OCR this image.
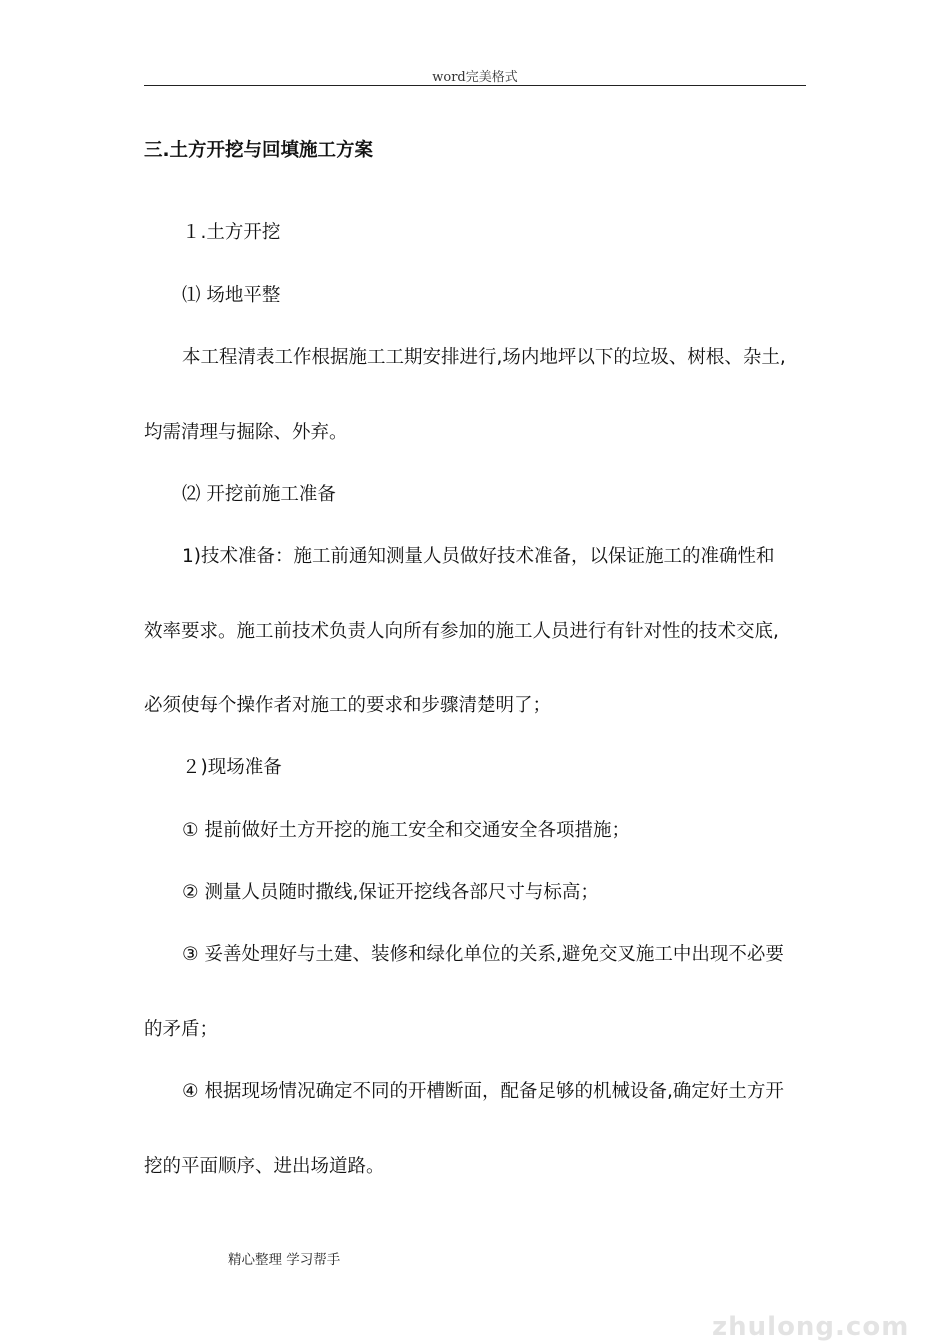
word完美格式
三.土方开挖与回填施工方案
１.土方开挖
⑴ 场地平整
本工程清表工作根据施工工期安排进行,场内地坪以下的垃圾、树根、杂土,
均需清理与掘除、外弃。
⑵ 开挖前施工准备
1)技术准备：施工前通知测量人员做好技术准备，以保证施工的准确性和
效率要求。施工前技术负责人向所有参加的施工人员进行有针对性的技术交底,
必须使每个操作者对施工的要求和步骤清楚明了；
２)现场准备
① 提前做好土方开挖的施工安全和交通安全各项措施；
② 测量人员随时撒线,保证开挖线各部尺寸与标高；
③ 妥善处理好与土建、装修和绿化单位的关系,避免交叉施工中出现不必要
的矛盾；
④ 根据现场情况确定不同的开槽断面，配备足够的机械设备,确定好土方开
挖的平面顺序、进出场道路。
精心整理 学习帮手
zhulong.com
